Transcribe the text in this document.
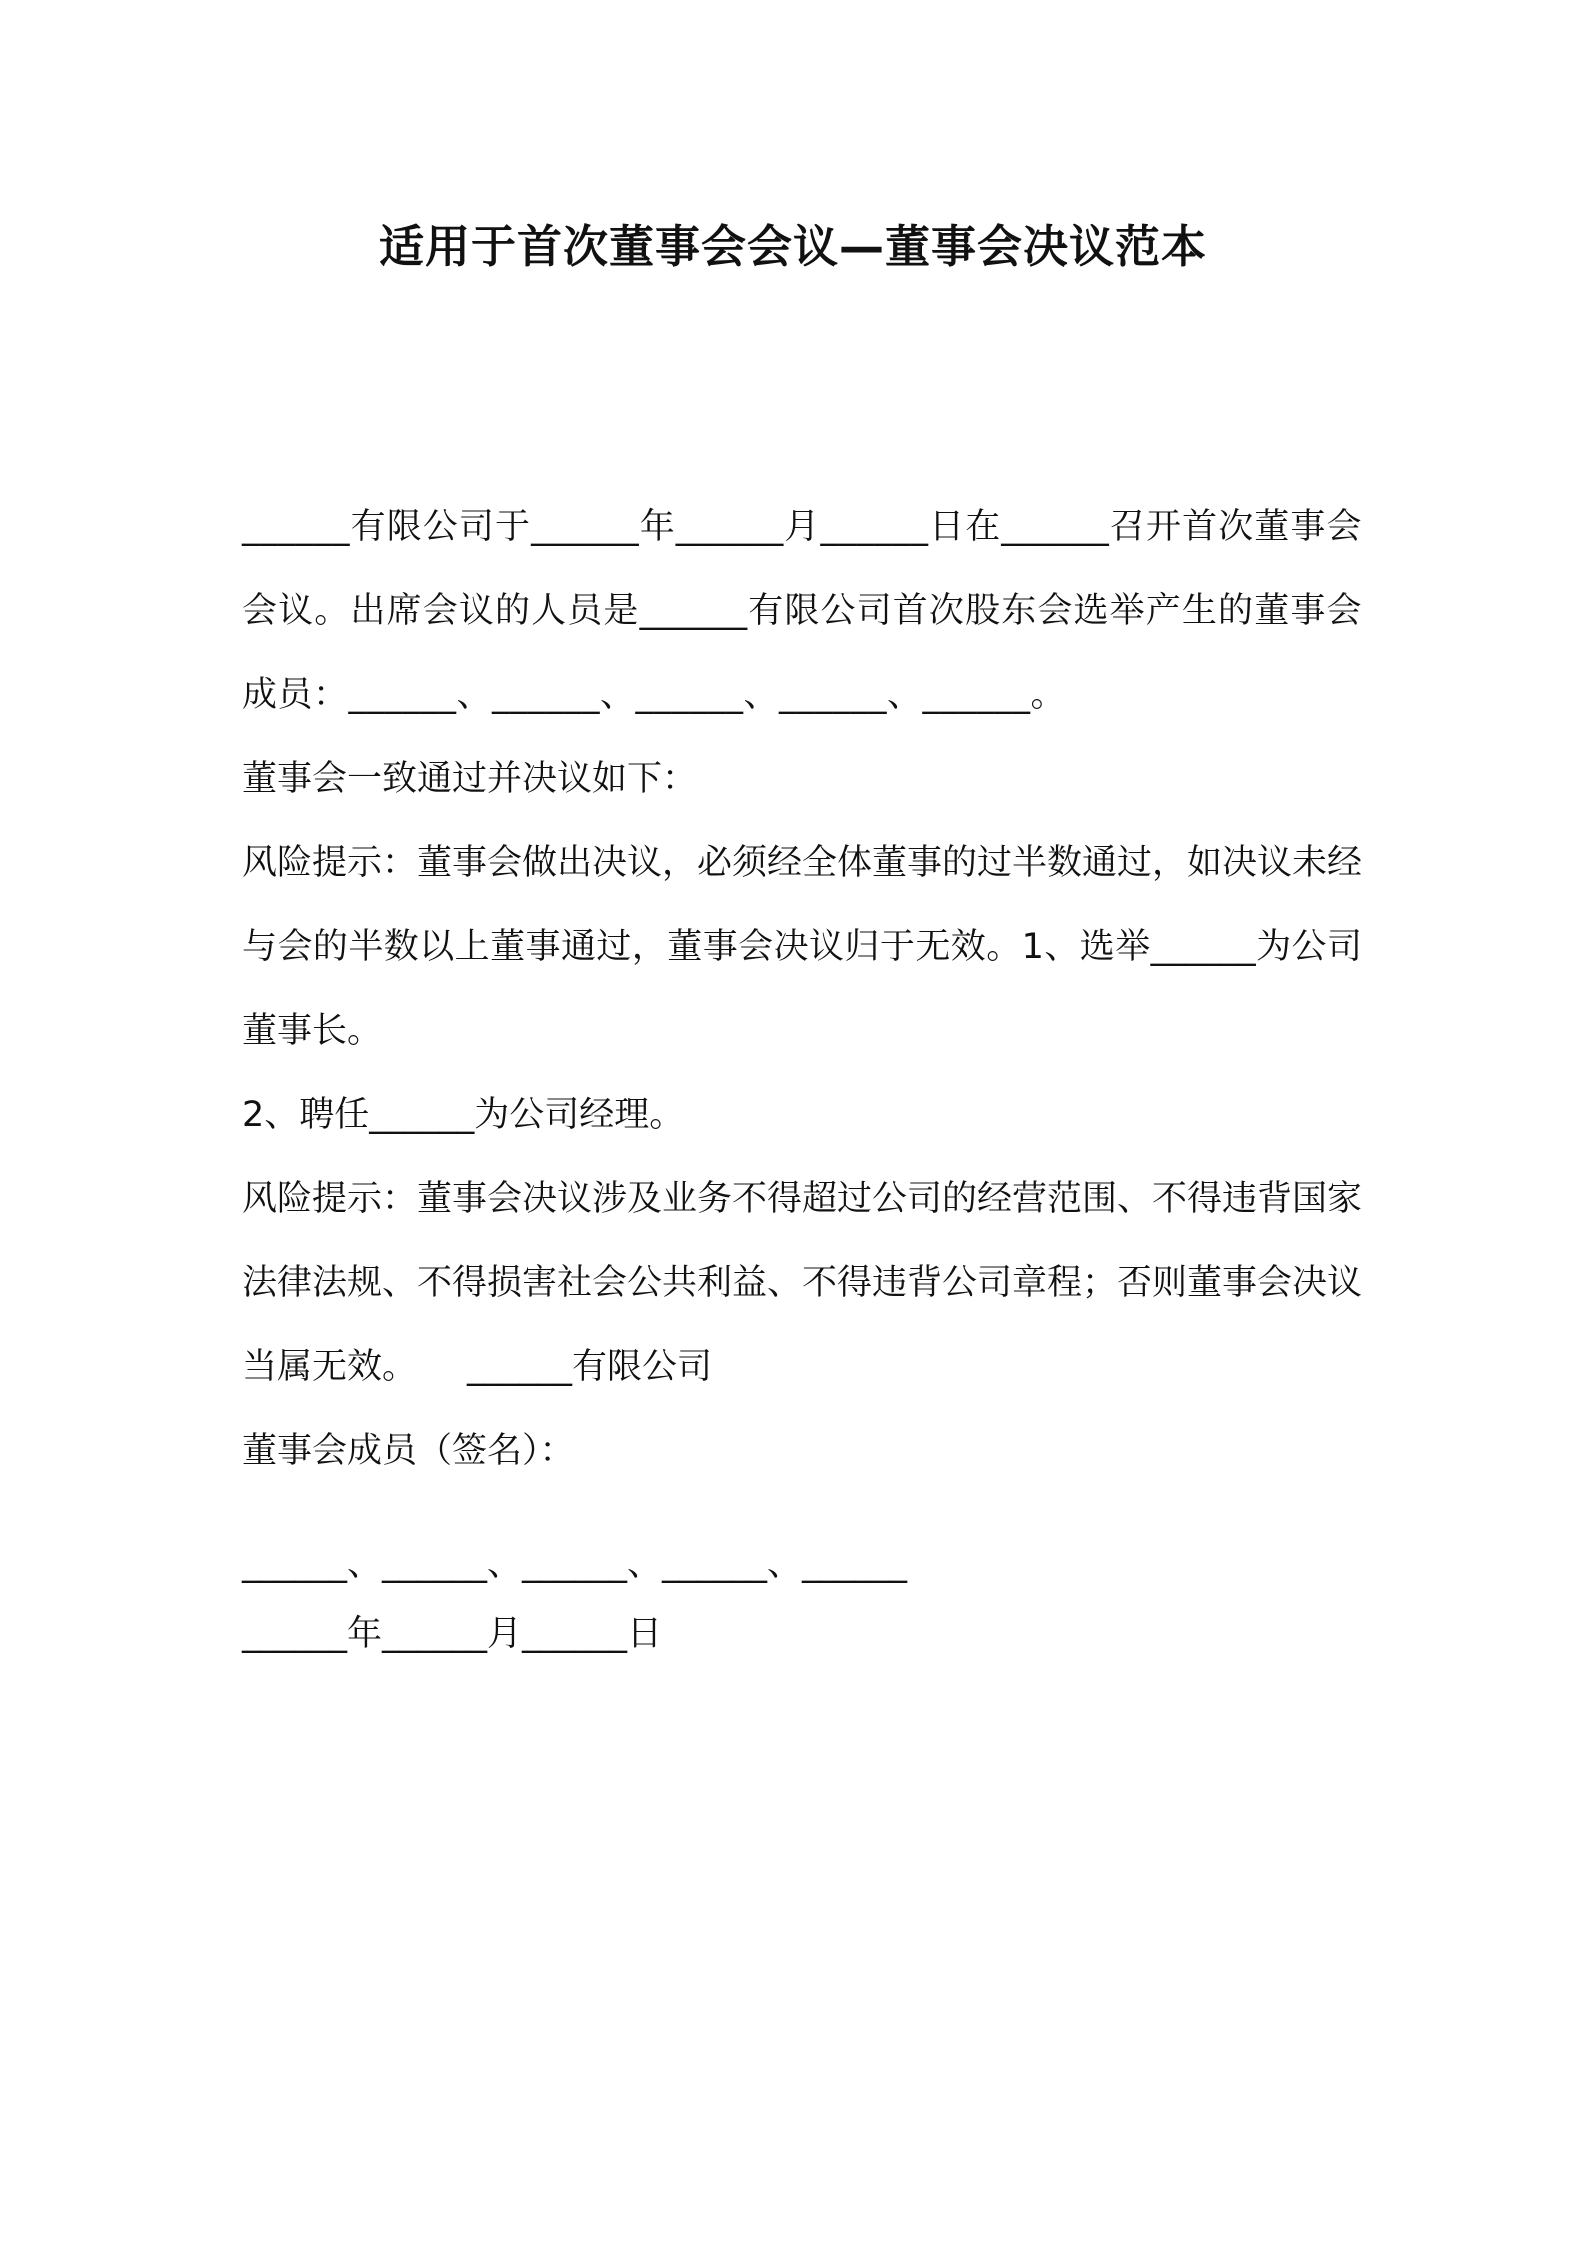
适用于首次董事会会议—董事会决议范本

______有限公司于______年______月______日在______召开首次董事会会议。出席会议的人员是______有限公司首次股东会选举产生的董事会成员：______、______、______、______、______。

董事会一致通过并决议如下：

风险提示：董事会做出决议，必须经全体董事的过半数通过，如决议未经与会的半数以上董事通过，董事会决议归于无效。1、选举______为公司董事长。

2、聘任______为公司经理。

风险提示：董事会决议涉及业务不得超过公司的经营范围、不得违背国家法律法规、不得损害社会公共利益、不得违背公司章程；否则董事会决议当属无效。 ______有限公司

董事会成员（签名）：

______、______、______、______、______

______年______月______日
